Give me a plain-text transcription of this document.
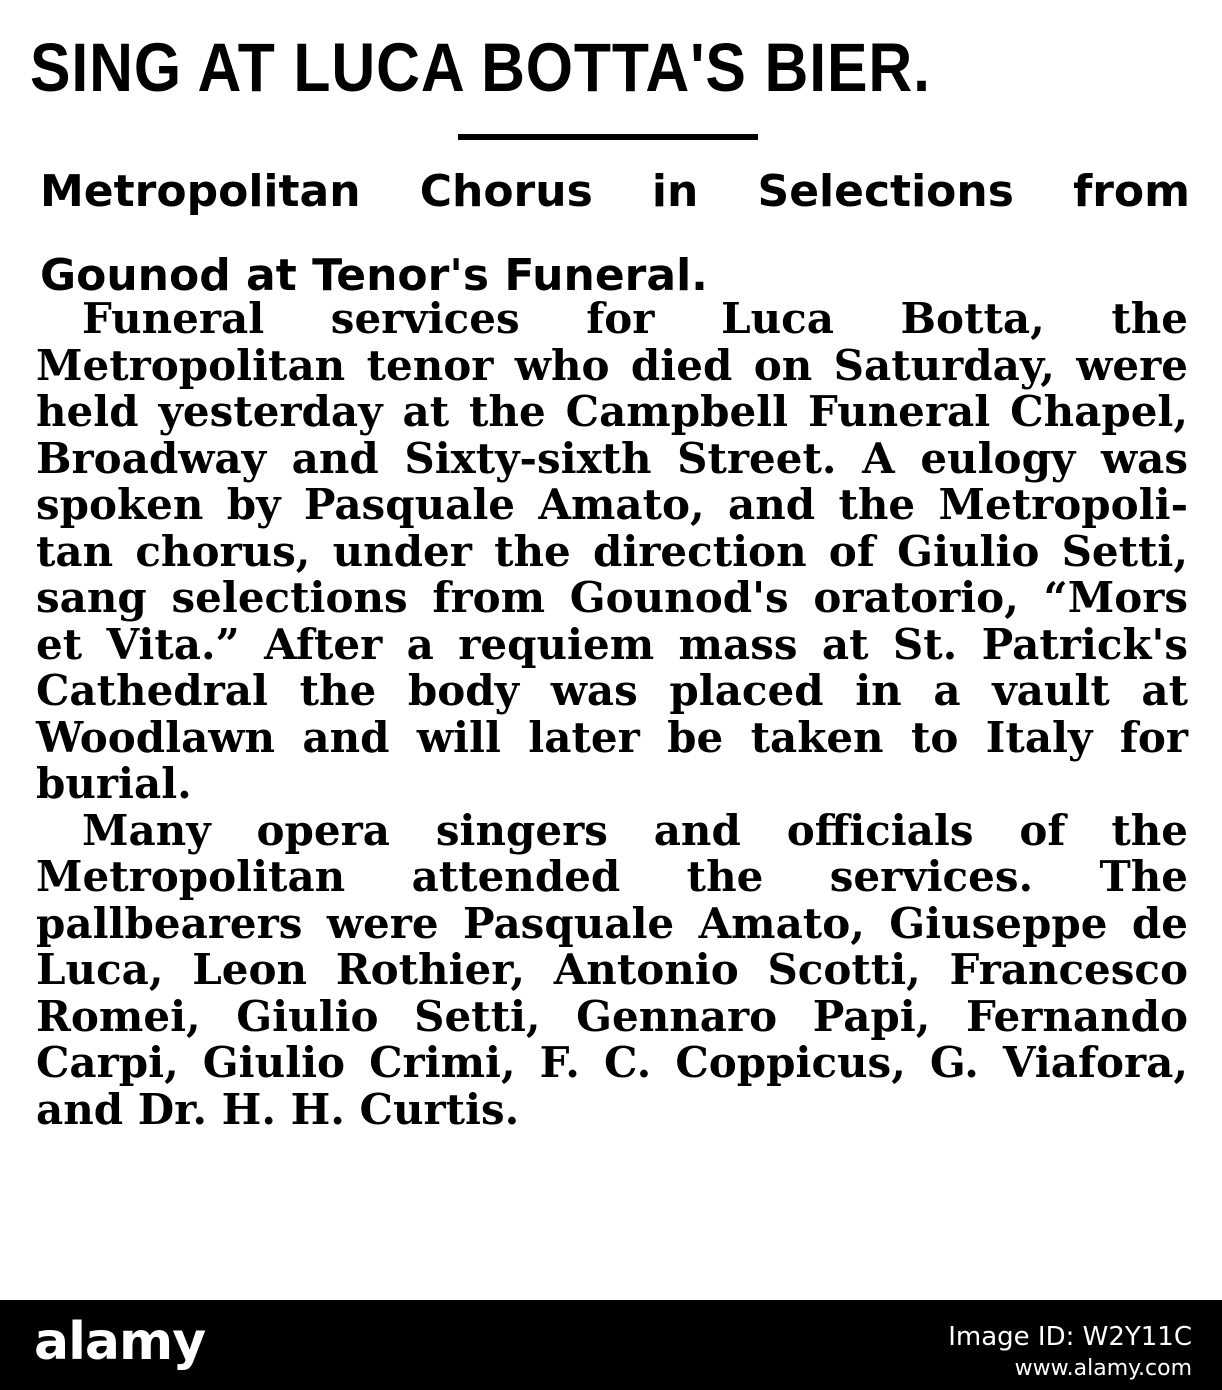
SING AT LUCA BOTTA'S BIER.
Metropolitan Chorus in Selections from Gounod at Tenor's Funeral.

Funeral services for Luca Botta, the Metropolitan tenor who died on Saturday, were held yesterday at the Campbell Funeral Chapel, Broadway and Sixty-sixth Street. A eulogy was spoken by Pasquale Amato, and the Metropolitan chorus, under the direction of Giulio Setti, sang selections from Gounod's oratorio, “Mors et Vita.” After a requiem mass at St. Patrick's Cathedral the body was placed in a vault at Woodlawn and will later be taken to Italy for burial.

Many opera singers and officials of the Metropolitan attended the services. The pallbearers were Pasquale Amato, Giuseppe de Luca, Leon Rothier, Antonio Scotti, Francesco Romei, Giulio Setti, Gennaro Papi, Fernando Carpi, Giulio Crimi, F. C. Coppicus, G. Viafora, and Dr. H. H. Curtis.

alamy	Image ID: W2Y11C
www.alamy.com
